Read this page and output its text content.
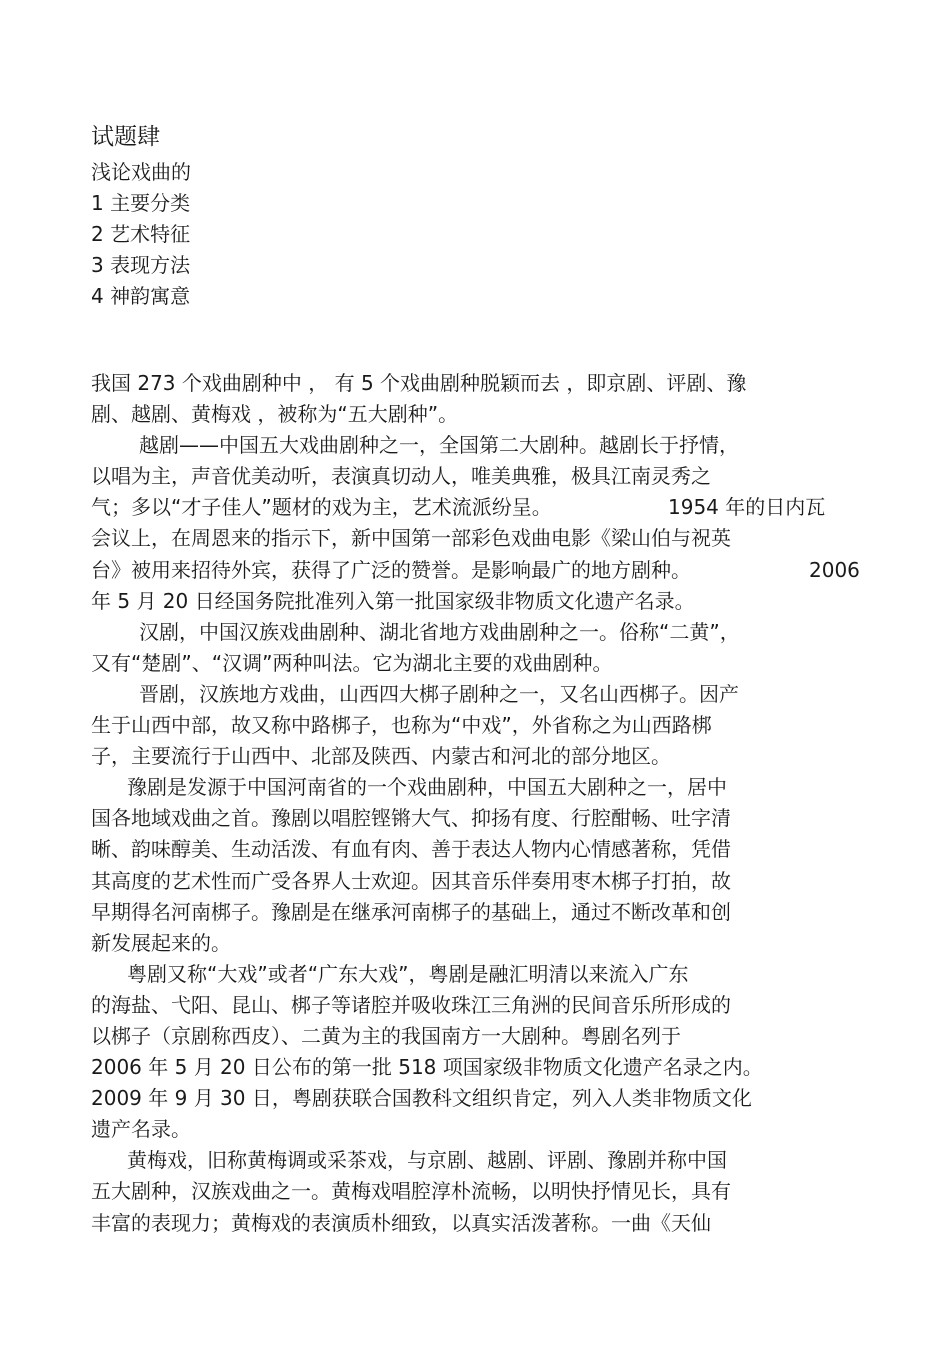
试题肆
浅论戏曲的
1 主要分类
2 艺术特征
3 表现方法
4 神韵寓意
我国 273 个戏曲剧种中 ， 有 5 个戏曲剧种脱颖而去 ，即京剧、评剧、豫
剧、越剧、黄梅戏 ，被称为“五大剧种”。
越剧——中国五大戏曲剧种之一，全国第二大剧种。越剧长于抒情，
以唱为主，声音优美动听，表演真切动人，唯美典雅，极具江南灵秀之
气；多以“才子佳人”题材的戏为主，艺术流派纷呈。	1954 年的日内瓦
会议上，在周恩来的指示下，新中国第一部彩色戏曲电影《梁山伯与祝英
台》被用来招待外宾，获得了广泛的赞誉。是影响最广的地方剧种。	2006
年 5 月 20 日经国务院批准列入第一批国家级非物质文化遗产名录。
汉剧，中国汉族戏曲剧种、湖北省地方戏曲剧种之一。俗称“二黄”，
又有“楚剧”、“汉调”两种叫法。它为湖北主要的戏曲剧种。
晋剧，汉族地方戏曲，山西四大梆子剧种之一，又名山西梆子。因产
生于山西中部，故又称中路梆子，也称为“中戏”，外省称之为山西路梆
子，主要流行于山西中、北部及陕西、内蒙古和河北的部分地区。
豫剧是发源于中国河南省的一个戏曲剧种，中国五大剧种之一，居中
国各地域戏曲之首。豫剧以唱腔铿锵大气、抑扬有度、行腔酣畅、吐字清
晰、韵味醇美、生动活泼、有血有肉、善于表达人物内心情感著称，凭借
其高度的艺术性而广受各界人士欢迎。因其音乐伴奏用枣木梆子打拍，故
早期得名河南梆子。豫剧是在继承河南梆子的基础上，通过不断改革和创
新发展起来的。
粤剧又称“大戏”或者“广东大戏”，粤剧是融汇明清以来流入广东
的海盐、弋阳、昆山、梆子等诸腔并吸收珠江三角洲的民间音乐所形成的
以梆子（京剧称西皮）、二黄为主的我国南方一大剧种。粤剧名列于
2006 年 5 月 20 日公布的第一批 518 项国家级非物质文化遗产名录之内。
2009 年 9 月 30 日，粤剧获联合国教科文组织肯定，列入人类非物质文化
遗产名录。
黄梅戏，旧称黄梅调或采茶戏，与京剧、越剧、评剧、豫剧并称中国
五大剧种，汉族戏曲之一。黄梅戏唱腔淳朴流畅，以明快抒情见长，具有
丰富的表现力；黄梅戏的表演质朴细致，以真实活泼著称。一曲《天仙
